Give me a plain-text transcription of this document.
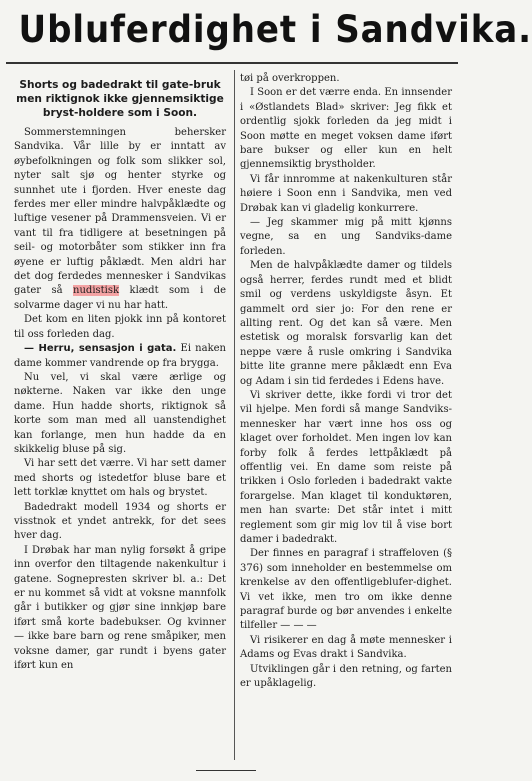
Ubluferdighet i Sandvika.
Shorts og badedrakt til gate-bruk men riktignok ikke gjennemsiktige bryst-holdere som i Soon.

Sommerstemningen behersker Sandvika. Vår lille by er inntatt av øybefolkningen og folk som slikker sol, nyter salt sjø og henter styrke og sunnhet ute i fjorden. Hver eneste dag ferdes mer eller mindre halvpåklædte og luftige vesener på Drammensveien. Vi er vant til fra tidligere at besetningen på seil- og motorbåter som stikker inn fra øyene er luftig påklædt. Men aldri har det dog ferdedes mennesker i Sandvikas gater så nudistisk klædt som i de solvarme dager vi nu har hatt.

Det kom en liten pjokk inn på kontoret til oss forleden dag.

— Herru, sensasjon i gata. Ei naken dame kommer vandrende op fra brygga.

Nu vel, vi skal være ærlige og nøkterne. Naken var ikke den unge dame. Hun hadde shorts, riktignok så korte som man med all uanstendighet kan forlange, men hun hadde da en skikkelig bluse på sig.

Vi har sett det værre. Vi har sett damer med shorts og istedetfor bluse bare et lett torklæ knyttet om hals og brystet.

Badedrakt modell 1934 og shorts er visstnok et yndet antrekk, for det sees hver dag.

I Drøbak har man nylig forsøkt å gripe inn overfor den tiltagende nakenkultur i gatene. Sognepresten skriver bl. a.: Det er nu kommet så vidt at voksne mannfolk går i butikker og gjør sine innkjøp bare iført små korte badebukser. Og kvinner — ikke bare barn og rene småpiker, men voksne damer, gar rundt i byens gater iført kun en

tøi på overkroppen.

I Soon er det værre enda. En innsender i «Østlandets Blad» skriver: Jeg fikk et ordentlig sjokk forleden da jeg midt i Soon møtte en meget voksen dame iført bare bukser og eller kun en helt gjennemsiktig brystholder.

Vi får innromme at nakenkulturen står høiere i Soon enn i Sandvika, men ved Drøbak kan vi gladelig konkurrere.

— Jeg skammer mig på mitt kjønns vegne, sa en ung Sandviks-dame forleden.

Men de halvpåklædte damer og tildels også herrer, ferdes rundt med et blidt smil og verdens uskyldigste åsyn. Et gammelt ord sier jo: For den rene er allting rent. Og det kan så være. Men estetisk og moralsk forsvarlig kan det neppe være å rusle omkring i Sandvika bitte lite granne mere påklædt enn Eva og Adam i sin tid ferdedes i Edens have.

Vi skriver dette, ikke fordi vi tror det vil hjelpe. Men fordi så mange Sandviks-mennesker har vært inne hos oss og klaget over forholdet. Men ingen lov kan forby folk å ferdes lettpåklædt på offentlig vei. En dame som reiste på trikken i Oslo forleden i badedrakt vakte forargelse. Man klaget til konduktøren, men han svarte: Det står intet i mitt reglement som gir mig lov til å vise bort damer i badedrakt.

Der finnes en paragraf i straffeloven (§ 376) som inneholder en bestemmelse om krenkelse av den offentligeblufer-dighet. Vi vet ikke, men tro om ikke denne paragraf burde og bør anvendes i enkelte tilfeller — — —

Vi risikerer en dag å møte mennesker i Adams og Evas drakt i Sandvika.

Utviklingen går i den retning, og farten er upåklagelig.
